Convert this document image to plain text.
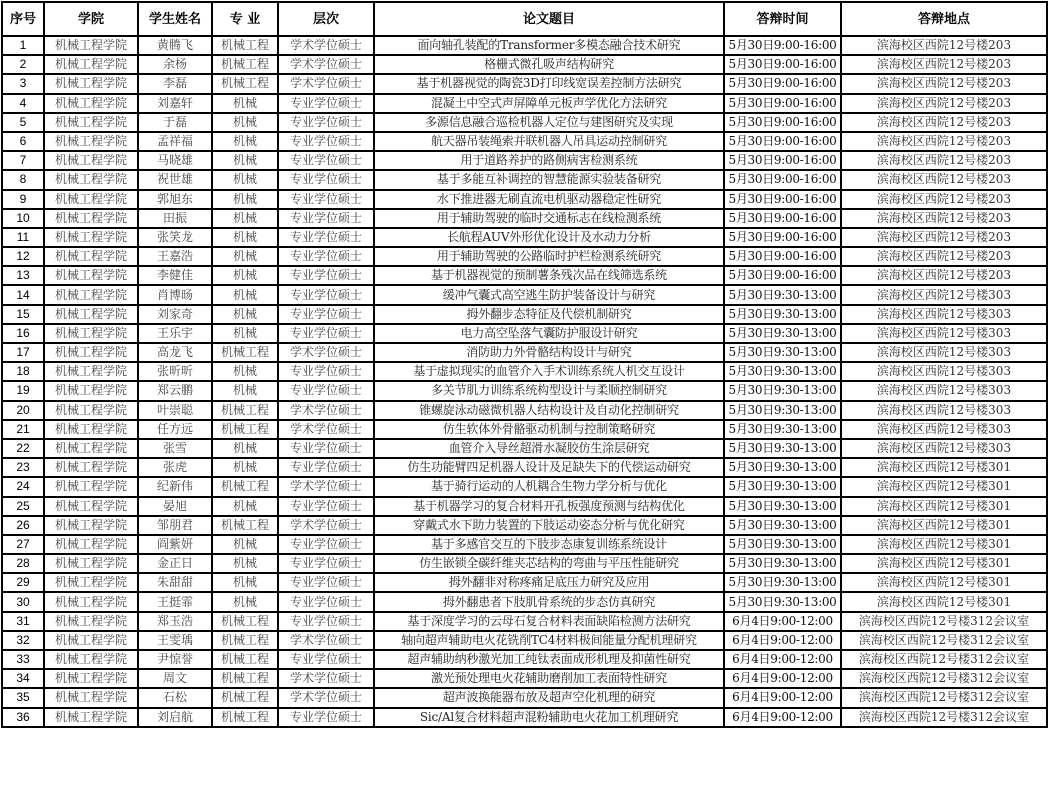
序号	学院	学生姓名	专 业	层次	论文题目	答辩时间	答辩地点
1	机械工程学院	黄腾飞	机械工程	学术学位硕士	面向轴孔装配的Transformer多模态融合技术研究	5月30日9:00-16:00	滨海校区西院12号楼203
2	机械工程学院	余杨	机械工程	学术学位硕士	格栅式微孔吸声结构研究	5月30日9:00-16:00	滨海校区西院12号楼203
3	机械工程学院	李磊	机械工程	学术学位硕士	基于机器视觉的陶瓷3D打印线宽误差控制方法研究	5月30日9:00-16:00	滨海校区西院12号楼203
4	机械工程学院	刘嘉轩	机械	专业学位硕士	混凝土中空式声屏障单元板声学优化方法研究	5月30日9:00-16:00	滨海校区西院12号楼203
5	机械工程学院	于磊	机械	专业学位硕士	多源信息融合巡检机器人定位与建图研究及实现	5月30日9:00-16:00	滨海校区西院12号楼203
6	机械工程学院	孟祥福	机械	专业学位硕士	航天器吊装绳索并联机器人吊具运动控制研究	5月30日9:00-16:00	滨海校区西院12号楼203
7	机械工程学院	马晓雄	机械	专业学位硕士	用于道路养护的路侧病害检测系统	5月30日9:00-16:00	滨海校区西院12号楼203
8	机械工程学院	祝世雄	机械	专业学位硕士	基于多能互补调控的智慧能源实验装备研究	5月30日9:00-16:00	滨海校区西院12号楼203
9	机械工程学院	郭旭东	机械	专业学位硕士	水下推进器无刷直流电机驱动器稳定性研究	5月30日9:00-16:00	滨海校区西院12号楼203
10	机械工程学院	田振	机械	专业学位硕士	用于辅助驾驶的临时交通标志在线检测系统	5月30日9:00-16:00	滨海校区西院12号楼203
11	机械工程学院	张笑龙	机械	专业学位硕士	长航程AUV外形优化设计及水动力分析	5月30日9:00-16:00	滨海校区西院12号楼203
12	机械工程学院	王嘉浩	机械	专业学位硕士	用于辅助驾驶的公路临时护栏检测系统研究	5月30日9:00-16:00	滨海校区西院12号楼203
13	机械工程学院	李健佳	机械	专业学位硕士	基于机器视觉的预制薯条残次品在线筛选系统	5月30日9:00-16:00	滨海校区西院12号楼203
14	机械工程学院	肖博旸	机械	专业学位硕士	缓冲气囊式高空逃生防护装备设计与研究	5月30日9:30-13:00	滨海校区西院12号楼303
15	机械工程学院	刘家奇	机械	专业学位硕士	拇外翻步态特征及代偿机制研究	5月30日9:30-13:00	滨海校区西院12号楼303
16	机械工程学院	王乐宇	机械	专业学位硕士	电力高空坠落气囊防护服设计研究	5月30日9:30-13:00	滨海校区西院12号楼303
17	机械工程学院	高龙飞	机械工程	学术学位硕士	消防助力外骨骼结构设计与研究	5月30日9:30-13:00	滨海校区西院12号楼303
18	机械工程学院	张昕昕	机械	专业学位硕士	基于虚拟现实的血管介入手术训练系统人机交互设计	5月30日9:30-13:00	滨海校区西院12号楼303
19	机械工程学院	郑云鹏	机械	专业学位硕士	多关节肌力训练系统构型设计与柔顺控制研究	5月30日9:30-13:00	滨海校区西院12号楼303
20	机械工程学院	叶崇聪	机械工程	学术学位硕士	锥螺旋泳动磁微机器人结构设计及自动化控制研究	5月30日9:30-13:00	滨海校区西院12号楼303
21	机械工程学院	任方远	机械工程	学术学位硕士	仿生软体外骨骼驱动机制与控制策略研究	5月30日9:30-13:00	滨海校区西院12号楼303
22	机械工程学院	张雪	机械	专业学位硕士	血管介入导丝超滑水凝胶仿生涂层研究	5月30日9:30-13:00	滨海校区西院12号楼303
23	机械工程学院	张虎	机械	专业学位硕士	仿生功能臂四足机器人设计及足缺失下的代偿运动研究	5月30日9:30-13:00	滨海校区西院12号楼301
24	机械工程学院	纪新伟	机械工程	学术学位硕士	基于骑行运动的人机耦合生物力学分析与优化	5月30日9:30-13:00	滨海校区西院12号楼301
25	机械工程学院	晏旭	机械	专业学位硕士	基于机器学习的复合材料开孔板强度预测与结构优化	5月30日9:30-13:00	滨海校区西院12号楼301
26	机械工程学院	邹朋君	机械工程	学术学位硕士	穿戴式水下助力装置的下肢运动姿态分析与优化研究	5月30日9:30-13:00	滨海校区西院12号楼301
27	机械工程学院	阎紫妍	机械	专业学位硕士	基于多感官交互的下肢步态康复训练系统设计	5月30日9:30-13:00	滨海校区西院12号楼301
28	机械工程学院	金正日	机械	专业学位硕士	仿生嵌锁全碳纤维夹芯结构的弯曲与平压性能研究	5月30日9:30-13:00	滨海校区西院12号楼301
29	机械工程学院	朱甜甜	机械	专业学位硕士	拇外翻非对称疼痛足底压力研究及应用	5月30日9:30-13:00	滨海校区西院12号楼301
30	机械工程学院	王挺霏	机械	专业学位硕士	拇外翻患者下肢肌骨系统的步态仿真研究	5月30日9:30-13:00	滨海校区西院12号楼301
31	机械工程学院	郑玉浩	机械工程	专业学位硕士	基于深度学习的云母石复合材料表面缺陷检测方法研究	6月4日9:00-12:00	滨海校区西院12号楼312会议室
32	机械工程学院	王雯瑀	机械工程	学术学位硕士	轴向超声辅助电火花铣削TC4材料极间能量分配机理研究	6月4日9:00-12:00	滨海校区西院12号楼312会议室
33	机械工程学院	尹惊誉	机械工程	专业学位硕士	超声辅助纳秒激光加工纯钛表面成形机理及抑菌性研究	6月4日9:00-12:00	滨海校区西院12号楼312会议室
34	机械工程学院	周文	机械工程	学术学位硕士	激光预处理电火花辅助磨削加工表面特性研究	6月4日9:00-12:00	滨海校区西院12号楼312会议室
35	机械工程学院	石松	机械工程	学术学位硕士	超声波换能器布放及超声空化机理的研究	6月4日9:00-12:00	滨海校区西院12号楼312会议室
36	机械工程学院	刘启航	机械工程	专业学位硕士	Sic/Al复合材料超声混粉辅助电火花加工机理研究	6月4日9:00-12:00	滨海校区西院12号楼312会议室
